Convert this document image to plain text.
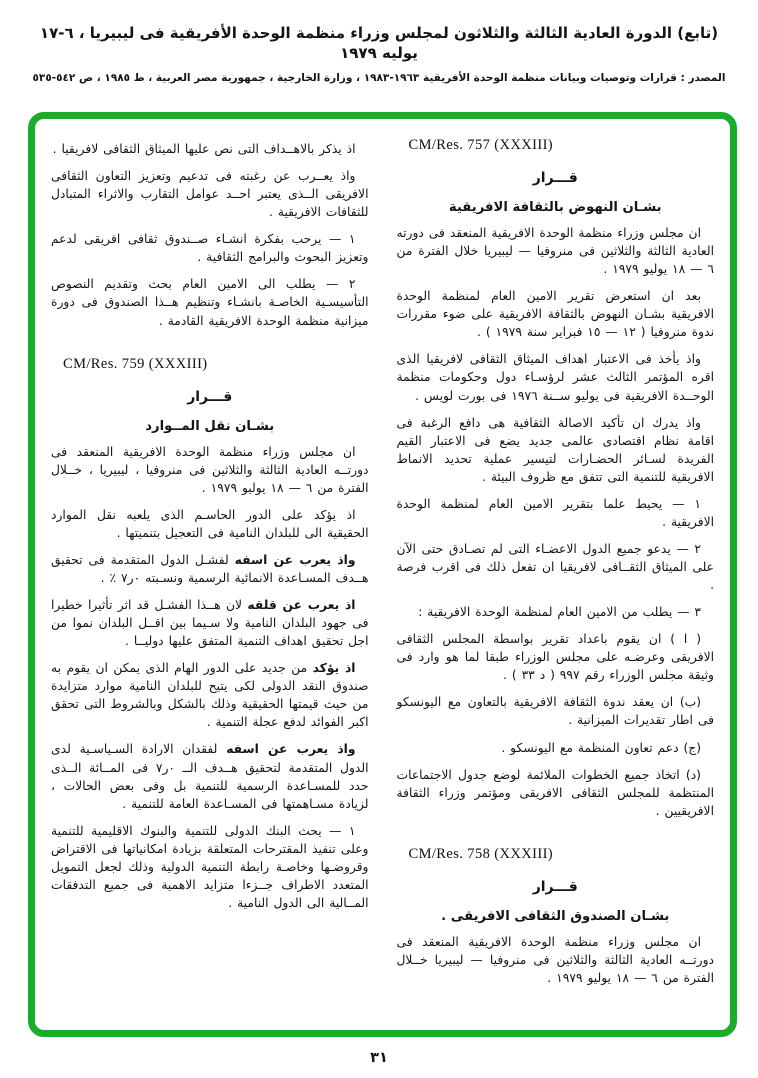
(تابع) الدورة العادية الثالثة والثلاثون لمجلس وزراء منظمة الوحدة الأفريقية فى ليبيريا ، ٦-١٧ يوليه ١٩٧٩
المصدر : قرارات وتوصيات وبيانات منظمة الوحدة الأفريقية ١٩٦٣-١٩٨٣ ، وزارة الخارجية ، جمهورية مصر العربية ، ط ١٩٨٥ ، ص ٥٤٢-٥٣٥
CM/Res. 757 (XXXIII)
قـــرار
بشـان النهوض بالثقافة الافريقية

ان مجلس وزراء منظمة الوحدة الافريقية المنعقد فى دورته العادية الثالثة والثلاثين فى منروفيا — ليبيريا خلال الفترة من ٦ — ١٨ يوليو ١٩٧٩ .

بعد ان استعرض تقرير الامين العام لمنظمة الوحدة الافريقية بشـان النهوض بالثقافة الافريقية على ضوء مقررات ندوة منروفيا ( ١٢ — ١٥ فبراير سنة ١٩٧٩ ) .

واذ يأخذ فى الاعتبار اهداف الميثاق الثقافى لافريقيا الذى اقره المؤتمر الثالث عشر لرؤسـاء دول وحكومات منظمة الوحــدة الافريقية فى يوليو ســنة ١٩٧٦ فى بورت لويس .

واذ يدرك ان تأكيد الاصالة الثقافية هى دافع الرغبة فى اقامة نظام اقتصادى عالمى جديد يضع فى الاعتبار القيم الفريدة لسـائر الحضـارات لتيسير عملية تحديد الانماط الافريقية للتنمية التى تتفق مع ظروف البيئة .

١ — يحيط علما بتقرير الامين العام لمنظمة الوحدة الافريقية .

٢ — يدعو جميع الدول الاعضـاء التى لم تصـادق حتى الآن على الميثاق الثقــافى لافريقيا ان تفعل ذلك فى اقرب فرصة .

٣ — يطلب من الامين العام لمنظمة الوحدة الافريقية :

( ا ) ان يقوم باعداد تقرير بواسطة المجلس الثقافى الافريقى وعرضـه على مجلس الوزراء طبقا لما هو وارد فى وثيقة مجلس الوزراء رقم ٩٩٧ ( د ٣٣ ) .

(ب) ان يعقد ندوة الثقافة الافريقية بالتعاون مع اليونسكو فى اطار تقديرات الميزانية .

(ج) دعم تعاون المنظمة مع اليونسكو .

(د) اتخاذ جميع الخطوات الملائمة لوضع جدول الاجتماعات المنتظمة للمجلس الثقافى الافريقى ومؤتمر وزراء الثقافة الافريقيين .

CM/Res. 758 (XXXIII)
قـــرار
بشـان الصندوق الثقافى الافريقى .

ان مجلس وزراء منظمة الوحدة الافريقية المنعقد فى دورتــه العادية الثالثة والثلاثين فى منروفيا — ليبيريا خــلال الفترة من ٦ — ١٨ يوليو ١٩٧٩ .

اذ يذكر بالاهــداف التى نص عليها الميثاق الثقافى لافريقيا .

واذ يعــرب عن رغبته فى تدعيم وتعزيز التعاون الثقافى الافريقى الــذى يعتبر احــد عوامل التقارب والاثراء المتبادل للثقافات الافريقية .

١ — يرحب بفكرة انشـاء صــندوق ثقافى افريقى لدعم وتعزيز البحوث والبرامج الثقافية .

٢ — يطلب الى الامين العام بحث وتقديم النصوص التأسيسـية الخاصـة بانشـاء وتنظيم هــذا الصندوق فى دورة ميزانية منظمة الوحدة الافريقية القادمة .

CM/Res. 759 (XXXIII)
قـــرار
بشـان نقل المــوارد

ان مجلس وزراء منظمة الوحدة الافريقية المنعقد فى دورتــه العادية الثالثة والثلاثين فى منروفيا ، ليبيريا ، خــلال الفترة من ٦ — ١٨ يوليو ١٩٧٩ .

اذ يؤكد على الدور الحاسـم الذى يلعبه نقل الموارد الحقيقية الى للبلدان النامية فى التعجيل بتنميتها .

واذ يعرب عن اسفه لفشـل الدول المتقدمة فى تحقيق هــدف المسـاعدة الانمائية الرسمية ونسـبته ٠ر٧ ٪ .

اذ يعرب عن قلقه لان هــذا الفشـل قد اثر تأثيرا خطيرا فى جهود البلدان النامية ولا سـيما بين اقــل البلدان نموا من اجل تحقيق اهداف التنمية المتفق عليها دوليــا .

اذ يؤكد من جديد على الدور الهام الذى يمكن ان يقوم به صندوق النقد الدولى لكى يتيح للبلدان النامية موارد متزايدة من حيث قيمتها الحقيقية وذلك بالشكل وبالشروط التى تحقق اكبر الفوائد لدفع عجلة التنمية .

واذ يعرب عن اسفه لفقدان الارادة السـياسـية لدى الدول المتقدمة لتحقيق هــدف الــ ٠ر٧ فى المــائة الــذى حدد للمسـاعدة الرسمية للتنمية بل وفى بعض الحالات ، لزيادة مسـاهمتها فى المسـاعدة العامة للتنمية .

١ — يحث البنك الدولى للتنمية والبنوك الاقليمية للتنمية وعلى تنفيذ المقترحات المتعلقة بزيادة امكانياتها فى الاقتراض وقروضـها وخاصـة رابطة التنمية الدولية وذلك لجعل التمويل المتعدد الاطراف جــزءا متزايد الاهمية فى جميع التدفقات المــالية الى الدول النامية .

٣١
